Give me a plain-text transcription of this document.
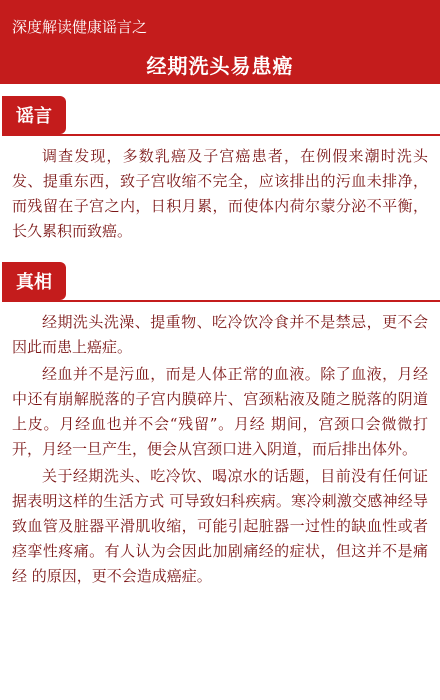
深度解读健康谣言之
经期洗头易患癌
谣言

调查发现，多数乳癌及子宫癌患者，在例假来潮时洗头发、提重东西，致子宫收缩不完全，应该排出的污血未排净，而残留在子宫之内，日积月累，而使体内荷尔蒙分泌不平衡，长久累积而致癌。

真相

经期洗头洗澡、提重物、吃冷饮冷食并不是禁忌，更不会因此而患上癌症。

经血并不是污血，而是人体正常的血液。除了血液，月经中还有崩解脱落的子宫内膜碎片、宫颈粘液及随之脱落的阴道上皮。月经血也并不会“残留”。月经 期间，宫颈口会微微打开，月经一旦产生，便会从宫颈口进入阴道，而后排出体外。

关于经期洗头、吃冷饮、喝凉水的话题，目前没有任何证据表明这样的生活方式 可导致妇科疾病。寒冷刺激交感神经导致血管及脏器平滑肌收缩，可能引起脏器一过性的缺血性或者痉挛性疼痛。有人认为会因此加剧痛经的症状，但这并不是痛经 的原因，更不会造成癌症。
